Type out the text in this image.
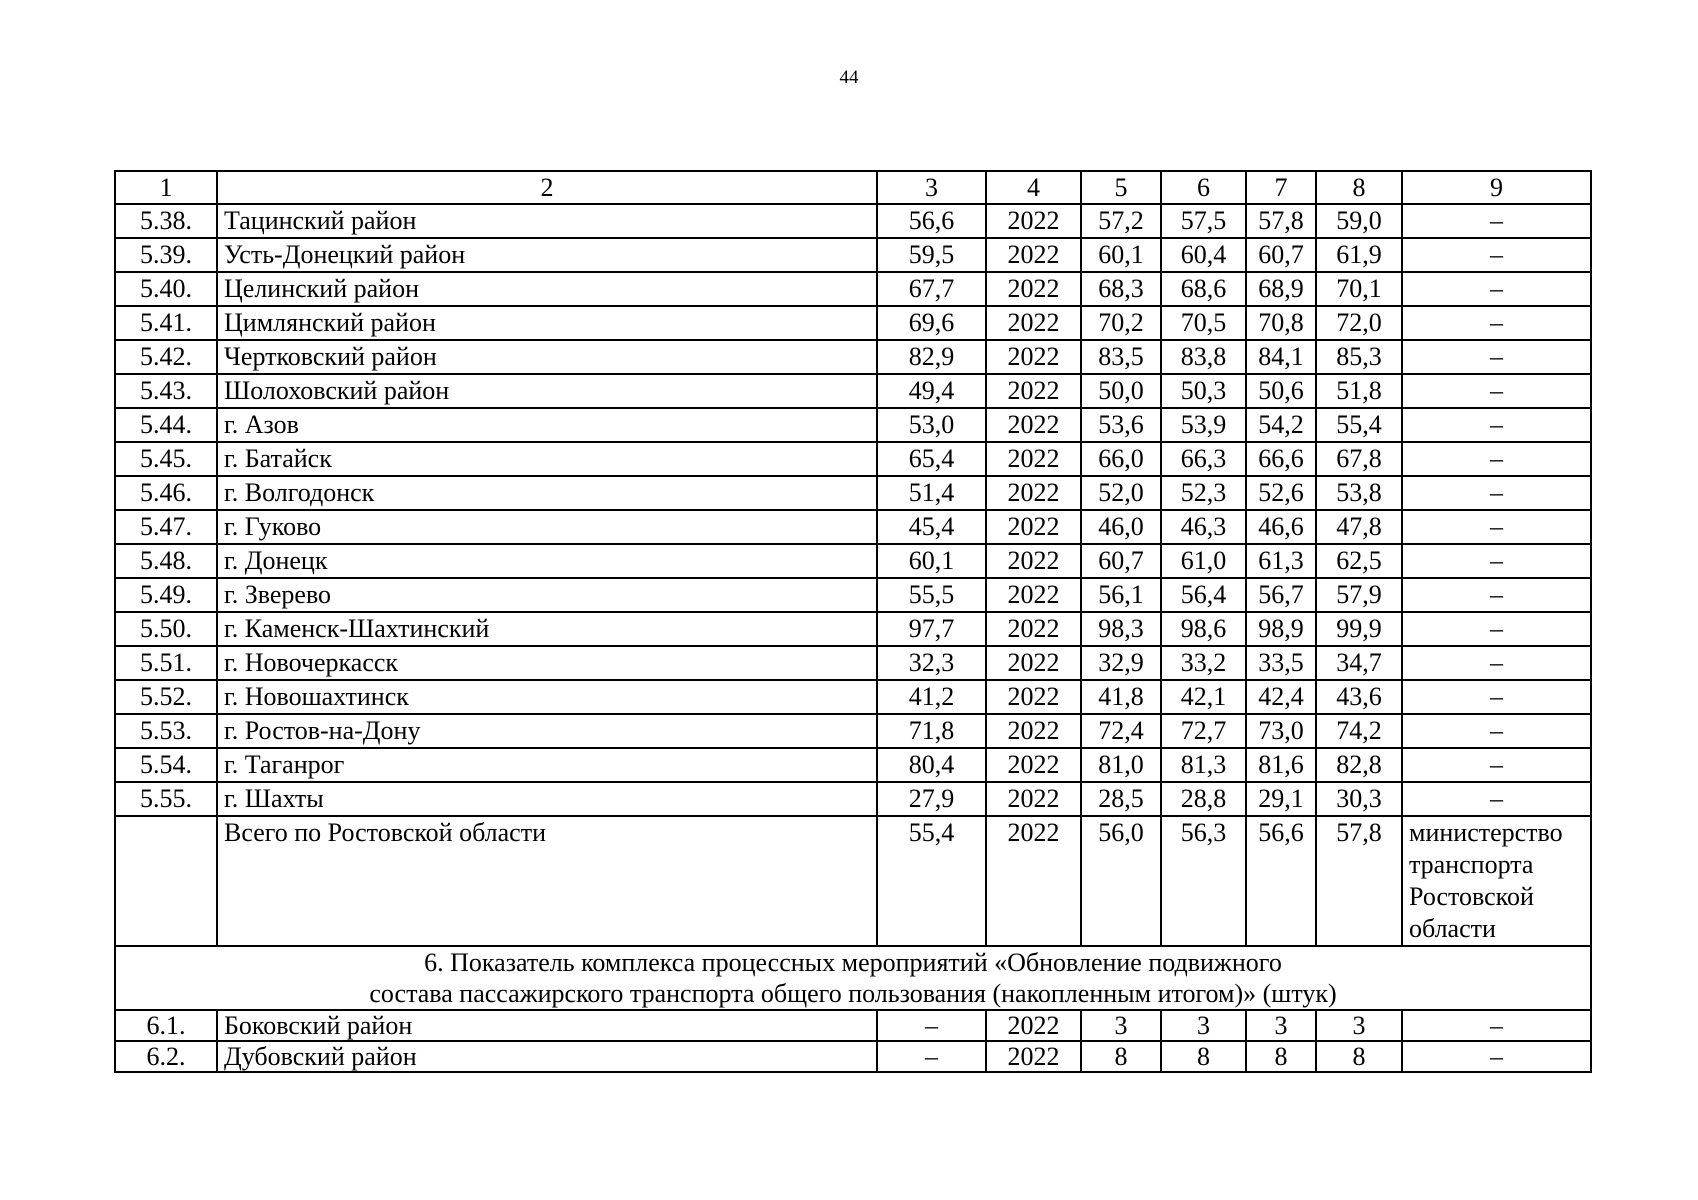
44
1	2	3	4	5	6	7	8	9
5.38.	Тацинский район	56,6	2022	57,2	57,5	57,8	59,0	–
5.39.	Усть-Донецкий район	59,5	2022	60,1	60,4	60,7	61,9	–
5.40.	Целинский район	67,7	2022	68,3	68,6	68,9	70,1	–
5.41.	Цимлянский район	69,6	2022	70,2	70,5	70,8	72,0	–
5.42.	Чертковский район	82,9	2022	83,5	83,8	84,1	85,3	–
5.43.	Шолоховский район	49,4	2022	50,0	50,3	50,6	51,8	–
5.44.	г. Азов	53,0	2022	53,6	53,9	54,2	55,4	–
5.45.	г. Батайск	65,4	2022	66,0	66,3	66,6	67,8	–
5.46.	г. Волгодонск	51,4	2022	52,0	52,3	52,6	53,8	–
5.47.	г. Гуково	45,4	2022	46,0	46,3	46,6	47,8	–
5.48.	г. Донецк	60,1	2022	60,7	61,0	61,3	62,5	–
5.49.	г. Зверево	55,5	2022	56,1	56,4	56,7	57,9	–
5.50.	г. Каменск-Шахтинский	97,7	2022	98,3	98,6	98,9	99,9	–
5.51.	г. Новочеркасск	32,3	2022	32,9	33,2	33,5	34,7	–
5.52.	г. Новошахтинск	41,2	2022	41,8	42,1	42,4	43,6	–
5.53.	г. Ростов-на-Дону	71,8	2022	72,4	72,7	73,0	74,2	–
5.54.	г. Таганрог	80,4	2022	81,0	81,3	81,6	82,8	–
5.55.	г. Шахты	27,9	2022	28,5	28,8	29,1	30,3	–
	Всего по Ростовской области	55,4	2022	56,0	56,3	56,6	57,8	министерство транспорта Ростовской области

6. Показатель комплекса процессных мероприятий «Обновление подвижного
состава пассажирского транспорта общего пользования (накопленным итогом)» (штук)								

6.1.	Боковский район	–	2022	3	3	3	3	–
6.2.	Дубовский район	–	2022	8	8	8	8	–
